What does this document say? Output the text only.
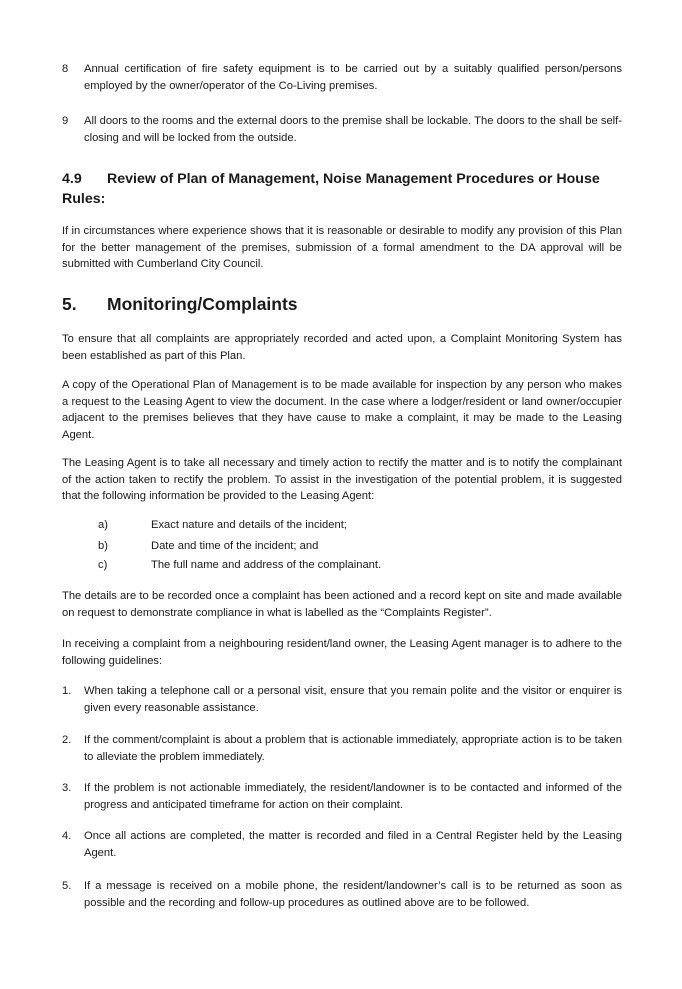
8 Annual certification of fire safety equipment is to be carried out by a suitably qualified person/persons employed by the owner/operator of the Co-Living premises.
9 All doors to the rooms and the external doors to the premise shall be lockable. The doors to the shall be self-closing and will be locked from the outside.
4.9 Review of Plan of Management, Noise Management Procedures or House
Rules:

If in circumstances where experience shows that it is reasonable or desirable to modify any provision of this Plan for the better management of the premises, submission of a formal amendment to the DA approval will be submitted with Cumberland City Council.

5. Monitoring/Complaints

To ensure that all complaints are appropriately recorded and acted upon, a Complaint Monitoring System has been established as part of this Plan.

A copy of the Operational Plan of Management is to be made available for inspection by any person who makes a request to the Leasing Agent to view the document. In the case where a lodger/resident or land owner/occupier adjacent to the premises believes that they have cause to make a complaint, it may be made to the Leasing Agent.

The Leasing Agent is to take all necessary and timely action to rectify the matter and is to notify the complainant of the action taken to rectify the problem. To assist in the investigation of the potential problem, it is suggested that the following information be provided to the Leasing Agent:

a)	Exact nature and details of the incident;
b)	Date and time of the incident; and
c)	The full name and address of the complainant.

The details are to be recorded once a complaint has been actioned and a record kept on site and made available on request to demonstrate compliance in what is labelled as the “Complaints Register”.

In receiving a complaint from a neighbouring resident/land owner, the Leasing Agent manager is to adhere to the following guidelines:

1. When taking a telephone call or a personal visit, ensure that you remain polite and the visitor or enquirer is given every reasonable assistance.
2. If the comment/complaint is about a problem that is actionable immediately, appropriate action is to be taken to alleviate the problem immediately.
3. If the problem is not actionable immediately, the resident/landowner is to be contacted and informed of the progress and anticipated timeframe for action on their complaint.
4. Once all actions are completed, the matter is recorded and filed in a Central Register held by the Leasing Agent.
5. If a message is received on a mobile phone, the resident/landowner’s call is to be returned as soon as possible and the recording and follow-up procedures as outlined above are to be followed.
